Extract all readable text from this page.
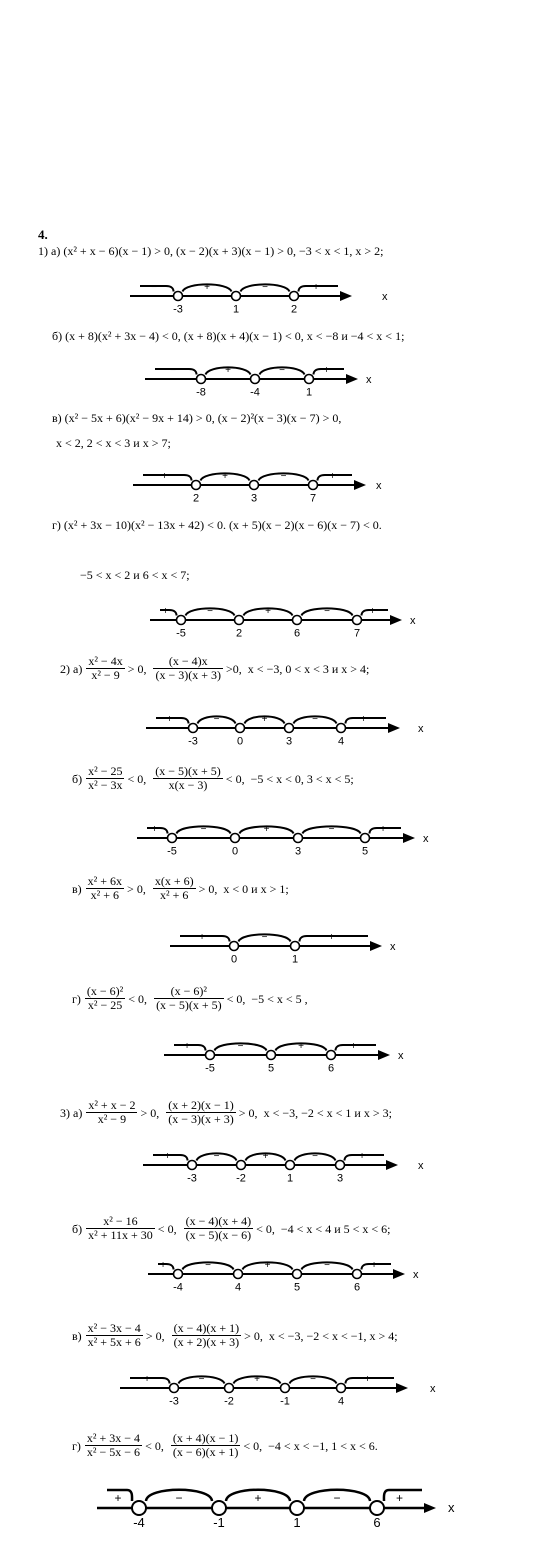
4.
1) а) (x² + x − 6)(x − 1) > 0, (x − 2)(x + 3)(x − 1) > 0, −3 < x < 1, x > 2;
б) (x + 8)(x² + 3x − 4) < 0, (x + 8)(x + 4)(x − 1) < 0, x < −8 и −4 < x < 1;
в) (x² − 5x + 6)(x² − 9x + 14) > 0, (x − 2)²(x − 3)(x − 7) > 0,
x < 2, 2 < x < 3 и x > 7;
г) (x² + 3x − 10)(x² − 13x + 42) < 0. (x + 5)(x − 2)(x − 6)(x − 7) < 0.
−5 < x < 2 и 6 < x < 7;
2) $а) \frac{\text{x² − 4x}}{\text{x² − 9}} > 0$, $\frac{(x - 4)x}{(x - 3)(x + 3)} >0$, x < −3, 0 < x < 3 и x > 4;
$б) \frac{\text{x² − 25}}{\text{x² − 3x}} < 0$, $\frac{(x - 5)(x + 5)}{x(x - 3)} < 0$, −5 < x < 0, 3 < x < 5;
$в) \frac{\text{x² + 6x}}{\text{x² + 6}} > 0$, $\frac{x(x + 6)}{\text{x² + 6}} > 0$, x < 0 и x > 1;
$г) \frac{\text{(x − 6)²}}{\text{x² − 25}} < 0$, $\frac{\text{(x − 6)²}}{(x - 5)(x + 5)} < 0$, −5 < x < 5 ,
3) $а) \frac{\text{x² + x − 2}}{\text{x² − 9}} > 0$, $\frac{(x + 2)(x - 1)}{(x - 3)(x + 3)} > 0$, x < −3, −2 < x < 1 и x > 3;
$б) \frac{\text{x² − 16}}{\text{x² + 11x + 30}} < 0$, $\frac{(x - 4)(x + 4)}{(x - 5)(x - 6)} < 0$, −4 < x < 4 и 5 < x < 6;
$в) \frac{\text{x² − 3x − 4}}{\text{x² + 5x + 6}} > 0$, $\frac{(x - 4)(x + 1)}{(x + 2)(x + 3)} > 0$, x < −3, −2 < x < −1, x > 4;
$г) \frac{\text{x² + 3x − 4}}{\text{x² − 5x − 6}} < 0$, $\frac{(x + 4)(x - 1)}{(x - 6)(x + 1)} < 0$, −4 < x < −1, 1 < x < 6.
x
−	+	−	+
-3	1	2
x
−	+	−	+
-8	-4	1
x
+	+	−	+
2	3	7
x
+	−	+	−	+
-5	2	6	7
x
+	−	+	−	+
-3	0	3	4
x
+	−	+	−	+
-5	0	3	5
x
+	−	+
0	1
x
+	−	+	+
-5	5	6
x
+	−	+	−	+
-3	-2	1	3
x
+	−	+	−	+
-4	4	5	6
x
+	−	+	−	+
-3	-2	-1	4
x
+	−	+	−	+
-4	-1	1	6
